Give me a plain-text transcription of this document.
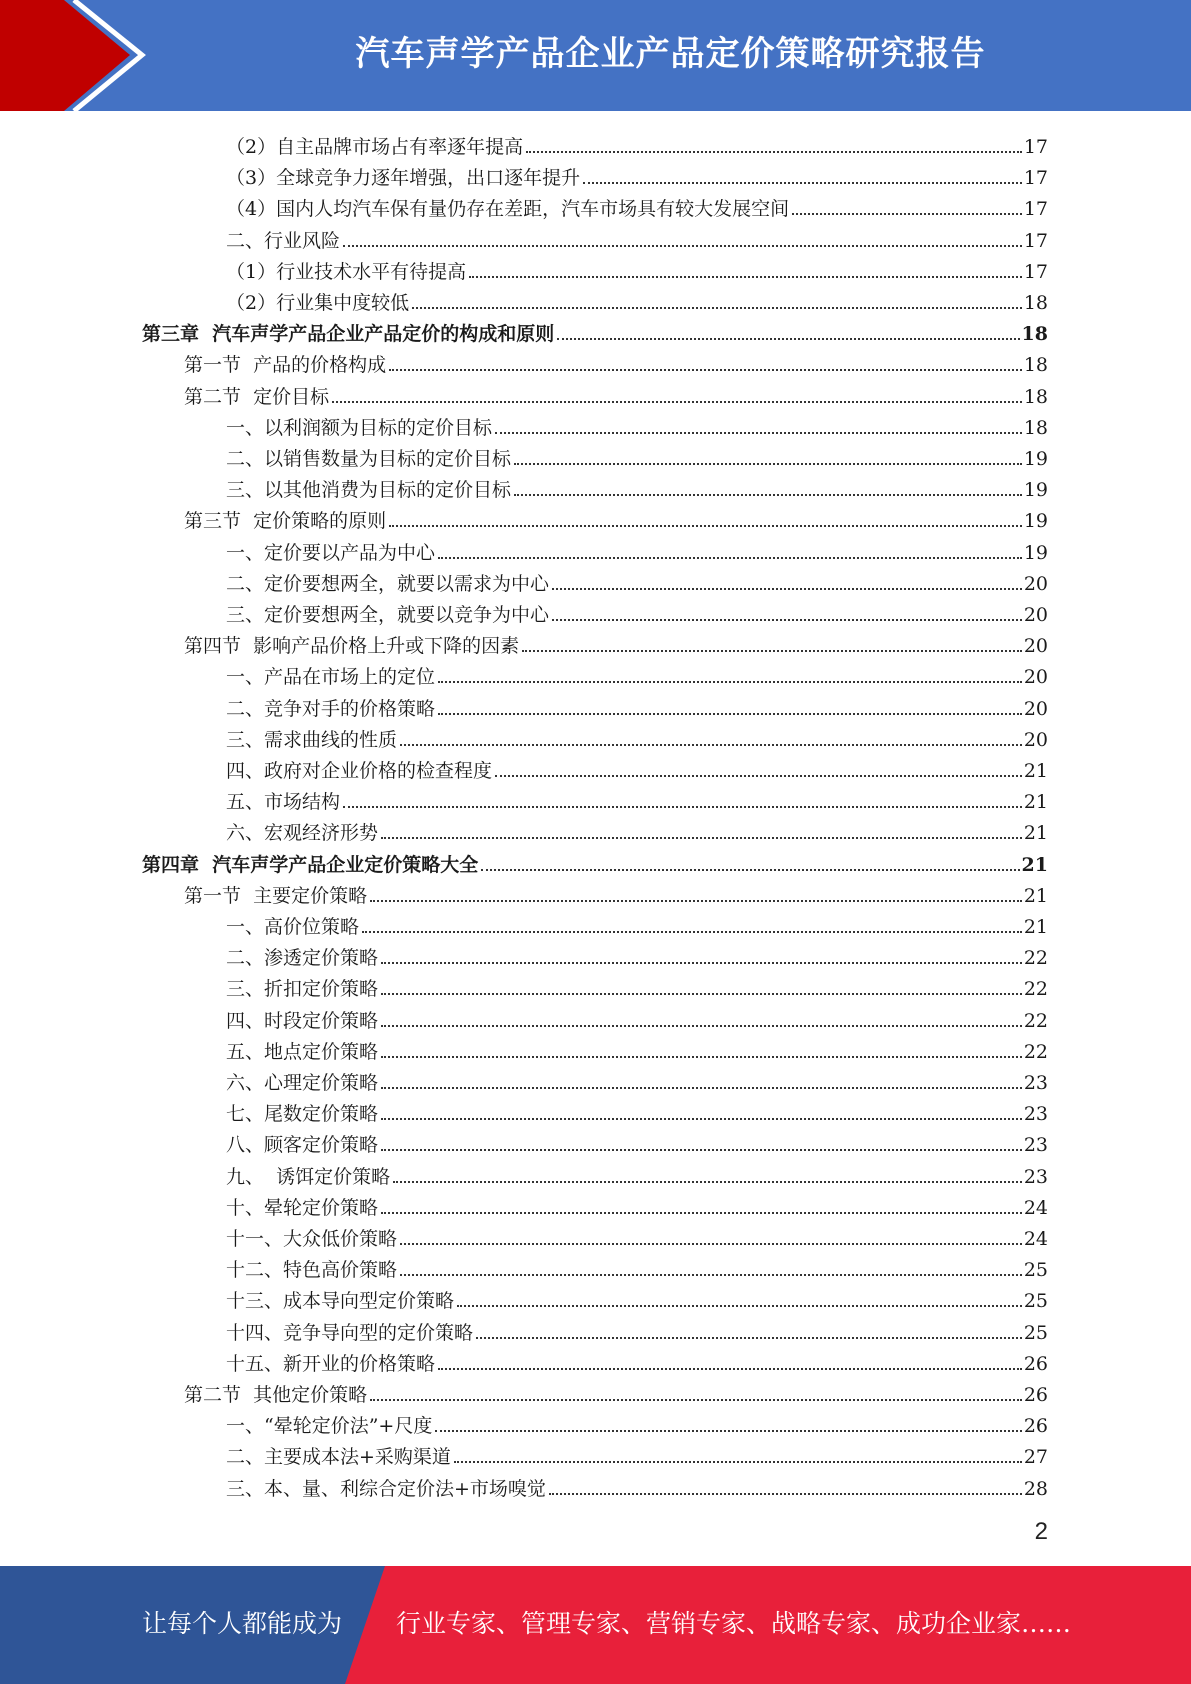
汽车声学产品企业产品定价策略研究报告
（2）自主品牌市场占有率逐年提高	17
（3）全球竞争力逐年增强，出口逐年提升	17
（4）国内人均汽车保有量仍存在差距，汽车市场具有较大发展空间	17
二、行业风险	17
（1）行业技术水平有待提高	17
（2）行业集中度较低	18
第三章  汽车声学产品企业产品定价的构成和原则	18
第一节  产品的价格构成	18
第二节  定价目标	18
一、以利润额为目标的定价目标	18
二、以销售数量为目标的定价目标	19
三、以其他消费为目标的定价目标	19
第三节  定价策略的原则	19
一、定价要以产品为中心	19
二、定价要想两全，就要以需求为中心	20
三、定价要想两全，就要以竞争为中心	20
第四节  影响产品价格上升或下降的因素	20
一、产品在市场上的定位	20
二、竞争对手的价格策略	20
三、需求曲线的性质	20
四、政府对企业价格的检查程度	21
五、市场结构	21
六、宏观经济形势	21
第四章  汽车声学产品企业定价策略大全	21
第一节  主要定价策略	21
一、高价位策略	21
二、渗透定价策略	22
三、折扣定价策略	22
四、时段定价策略	22
五、地点定价策略	22
六、心理定价策略	23
七、尾数定价策略	23
八、顾客定价策略	23
九、  诱饵定价策略	23
十、晕轮定价策略	24
十一、大众低价策略	24
十二、特色高价策略	25
十三、成本导向型定价策略	25
十四、竞争导向型的定价策略	25
十五、新开业的价格策略	26
第二节  其他定价策略	26
一、“晕轮定价法”+尺度	26
二、主要成本法+采购渠道	27
三、本、量、利综合定价法+市场嗅觉	28
2
让每个人都能成为 行业专家、管理专家、营销专家、战略专家、成功企业家……
